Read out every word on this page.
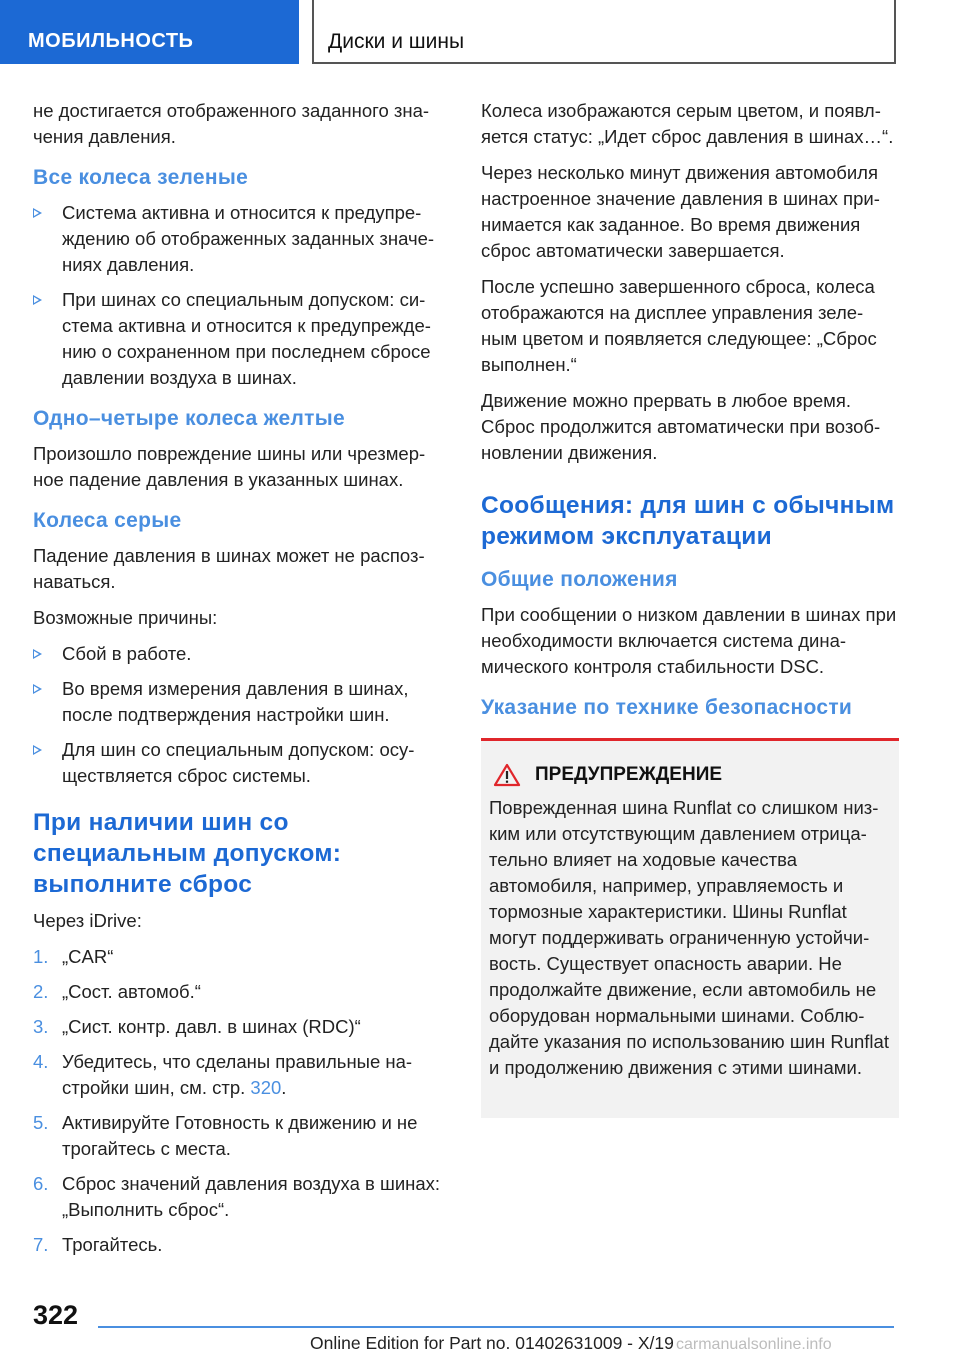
МОБИЛЬНОСТЬ	Диски и шины

не достигается отображенного заданного зна-чения давления.

Все колеса зеленые
Система активна и относится к предупре-ждению об отображенных заданных значе-ниях давления.
При шинах со специальным допуском: си-стема активна и относится к предупрежде-нию о сохраненном при последнем сбросе давлении воздуха в шинах.
Одно–четыре колеса желтые

Произошло повреждение шины или чрезмер-ное падение давления в указанных шинах.

Колеса серые

Падение давления в шинах может не распоз-наваться.

Возможные причины:

Сбой в работе.
Во время измерения давления в шинах, после подтверждения настройки шин.
Для шин со специальным допуском: осу-ществляется сброс системы.
При наличии шин со специальным допуском: выполните сброс

Через iDrive:

1. „CAR“
2. „Сост. автомоб.“
3. „Сист. контр. давл. в шинах (RDC)“
4. Убедитесь, что сделаны правильные на-стройки шин, см. стр. 320.
5. Активируйте Готовность к движению и не трогайтесь с места.
6. Сброс значений давления воздуха в шинах: „Выполнить сброс“.
7. Трогайтесь.

Колеса изображаются серым цветом, и появл-яется статус: „Идет сброс давления в шинах…“.

Через несколько минут движения автомобиля настроенное значение давления в шинах при-нимается как заданное. Во время движения сброс автоматически завершается.

После успешно завершенного сброса, колеса отображаются на дисплее управления зеле-ным цветом и появляется следующее: „Сброс выполнен.“

Движение можно прервать в любое время. Сброс продолжится автоматически при возоб-новлении движения.

Сообщения: для шин с обычным режимом эксплуатации
Общие положения

При сообщении о низком давлении в шинах при необходимости включается система дина-мического контроля стабильности DSC.

Указание по технике безопасности
ПРЕДУПРЕЖДЕНИЕ

Поврежденная шина Runflat со слишком низ-ким или отсутствующим давлением отрица-тельно влияет на ходовые качества автомобиля, например, управляемость и тормозные характеристики. Шины Runflat могут поддерживать ограниченную устойчи-вость. Существует опасность аварии. Не продолжайте движение, если автомобиль не оборудован нормальными шинами. Соблю-дайте указания по использованию шин Runflat и продолжению движения с этими шинами.

322
Online Edition for Part no. 01402631009 - X/19 carmanualsonline.info
